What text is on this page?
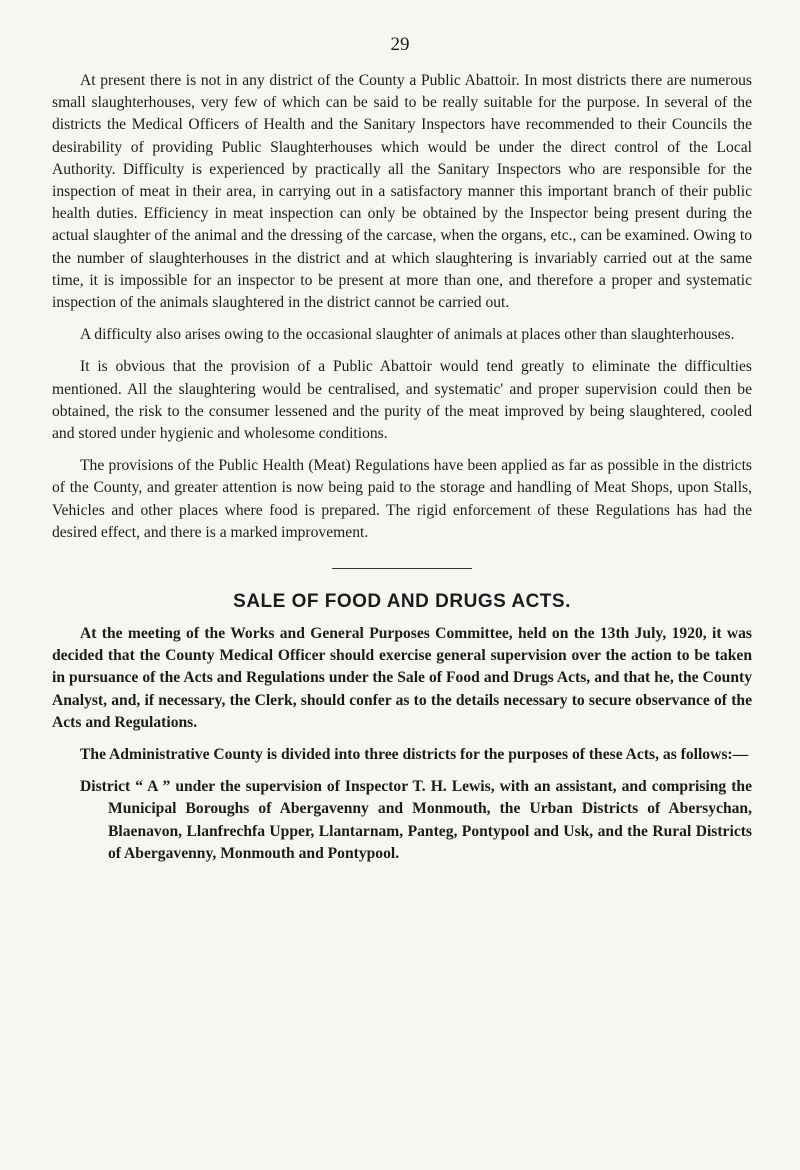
29

At present there is not in any district of the County a Public Abattoir. In most districts there are numerous small slaughterhouses, very few of which can be said to be really suitable for the purpose. In several of the districts the Medical Officers of Health and the Sanitary Inspectors have recommended to their Councils the desirability of providing Public Slaughterhouses which would be under the direct control of the Local Authority. Difficulty is experienced by practically all the Sanitary Inspectors who are responsible for the inspection of meat in their area, in carrying out in a satisfactory manner this important branch of their public health duties. Efficiency in meat inspection can only be obtained by the Inspector being present during the actual slaughter of the animal and the dressing of the carcase, when the organs, etc., can be examined. Owing to the number of slaughterhouses in the district and at which slaughtering is invariably carried out at the same time, it is impossible for an inspector to be present at more than one, and therefore a proper and systematic inspection of the animals slaughtered in the district cannot be carried out.

A difficulty also arises owing to the occasional slaughter of animals at places other than slaughterhouses.

It is obvious that the provision of a Public Abattoir would tend greatly to eliminate the difficulties mentioned. All the slaughtering would be centralised, and systematic' and proper supervision could then be obtained, the risk to the consumer lessened and the purity of the meat improved by being slaughtered, cooled and stored under hygienic and wholesome conditions.

The provisions of the Public Health (Meat) Regulations have been applied as far as possible in the districts of the County, and greater attention is now being paid to the storage and handling of Meat Shops, upon Stalls, Vehicles and other places where food is prepared. The rigid enforcement of these Regulations has had the desired effect, and there is a marked improvement.

SALE OF FOOD AND DRUGS ACTS.

At the meeting of the Works and General Purposes Committee, held on the 13th July, 1920, it was decided that the County Medical Officer should exercise general supervision over the action to be taken in pursuance of the Acts and Regulations under the Sale of Food and Drugs Acts, and that he, the County Analyst, and, if necessary, the Clerk, should confer as to the details necessary to secure observance of the Acts and Regulations.

The Administrative County is divided into three districts for the purposes of these Acts, as follows:—

District “ A ” under the supervision of Inspector T. H. Lewis, with an assistant, and comprising the Municipal Boroughs of Abergavenny and Monmouth, the Urban Districts of Abersychan, Blaenavon, Llanfrechfa Upper, Llantarnam, Panteg, Pontypool and Usk, and the Rural Districts of Abergavenny, Monmouth and Pontypool.
